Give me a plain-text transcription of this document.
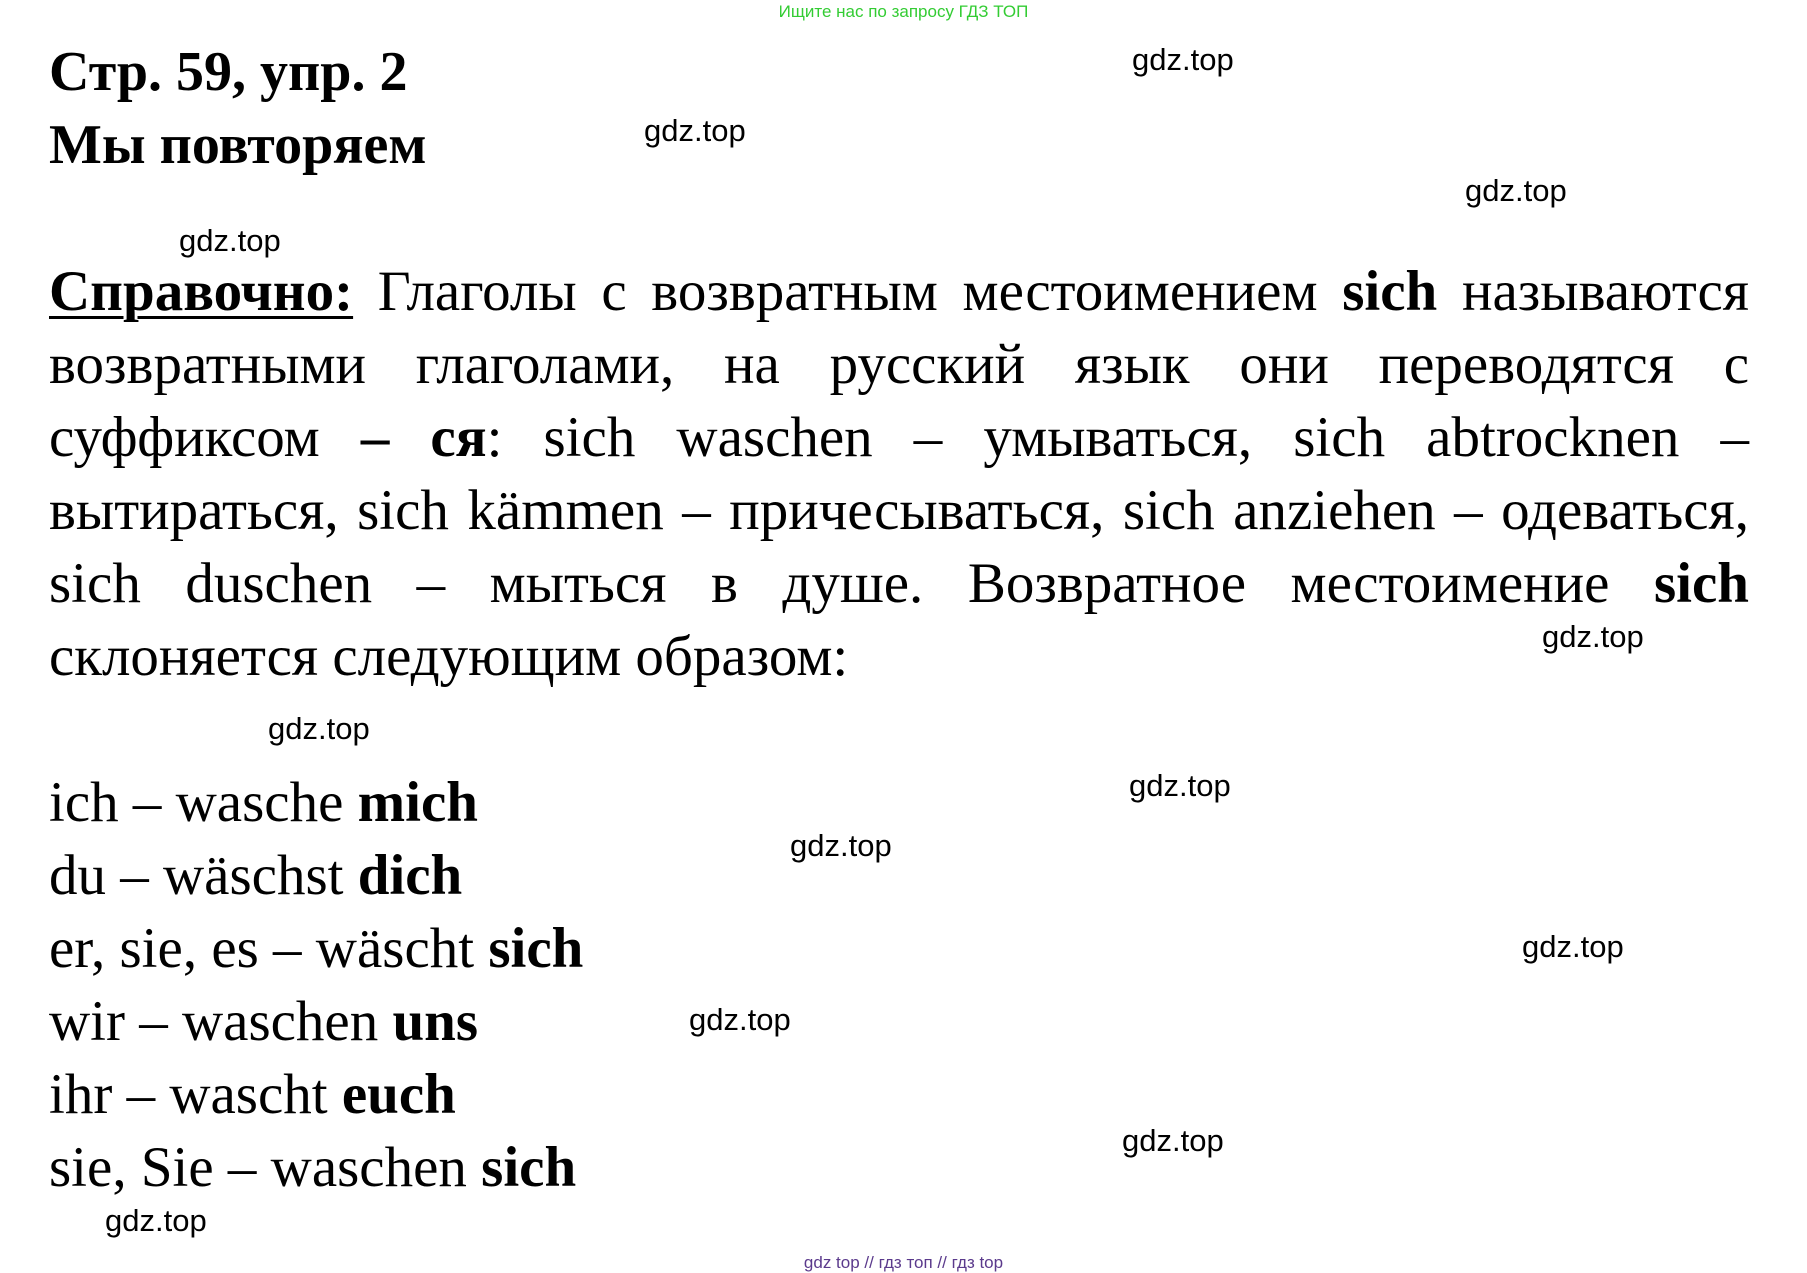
Ищите нас по запросу ГДЗ ТОП
Стр. 59, упр. 2
Мы повторяем
Справочно: Глаголы с возвратным местоимением sich называются возвратными глаголами, на русский язык они переводятся с суффиксом – ся: sich waschen – умываться, sich abtrocknen – вытираться, sich kämmen – причесываться, sich anziehen – одеваться, sich duschen – мыться в душе. Возвратное местоимение sich склоняется следующим образом:
ich – wasche mich
du – wäschst dich
er, sie, es – wäscht sich
wir – waschen uns
ihr – wascht euch
sie, Sie – waschen sich
gdz.top
gdz.top
gdz.top
gdz.top
gdz.top
gdz.top
gdz.top
gdz.top
gdz.top
gdz.top
gdz.top
gdz.top
gdz top // гдз топ // гдз top
